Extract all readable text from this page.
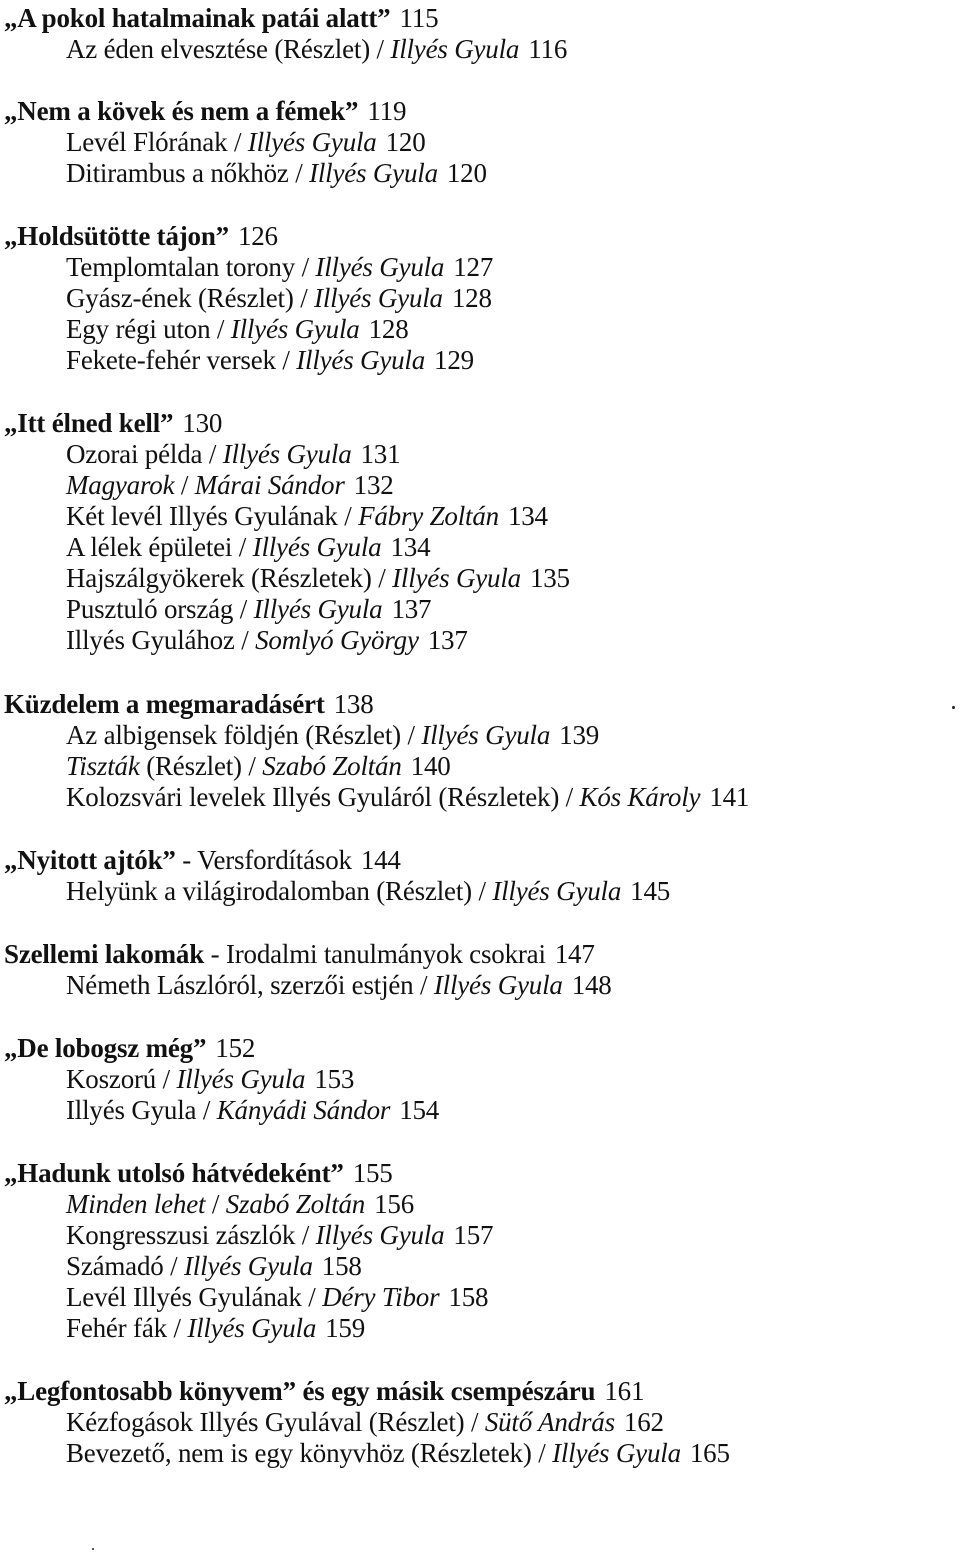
„A pokol hatalmainak patái alatt” 115
Az éden elvesztése (Részlet) / Illyés Gyula 116
„Nem a kövek és nem a fémek” 119
Levél Flórának / Illyés Gyula 120
Ditirambus a nőkhöz / Illyés Gyula 120
„Holdsütötte tájon” 126
Templomtalan torony / Illyés Gyula 127
Gyász-ének (Részlet) / Illyés Gyula 128
Egy régi uton / Illyés Gyula 128
Fekete-fehér versek / Illyés Gyula 129
„Itt élned kell” 130
Ozorai példa / Illyés Gyula 131
Magyarok / Márai Sándor 132
Két levél Illyés Gyulának / Fábry Zoltán 134
A lélek épületei / Illyés Gyula 134
Hajszálgyökerek (Részletek) / Illyés Gyula 135
Pusztuló ország / Illyés Gyula 137
Illyés Gyulához / Somlyó György 137
Küzdelem a megmaradásért 138
Az albigensek földjén (Részlet) / Illyés Gyula 139
Tiszták (Részlet) / Szabó Zoltán 140
Kolozsvári levelek Illyés Gyuláról (Részletek) / Kós Károly 141
„Nyitott ajtók” - Versfordítások 144
Helyünk a világirodalomban (Részlet) / Illyés Gyula 145
Szellemi lakomák - Irodalmi tanulmányok csokrai 147
Németh Lászlóról, szerzői estjén / Illyés Gyula 148
„De lobogsz még” 152
Koszorú / Illyés Gyula 153
Illyés Gyula / Kányádi Sándor 154
„Hadunk utolsó hátvédeként” 155
Minden lehet / Szabó Zoltán 156
Kongresszusi zászlók / Illyés Gyula 157
Számadó / Illyés Gyula 158
Levél Illyés Gyulának / Déry Tibor 158
Fehér fák / Illyés Gyula 159
„Legfontosabb könyvem” és egy másik csempészáru 161
Kézfogások Illyés Gyulával (Részlet) / Sütő András 162
Bevezető, nem is egy könyvhöz (Részletek) / Illyés Gyula 165
